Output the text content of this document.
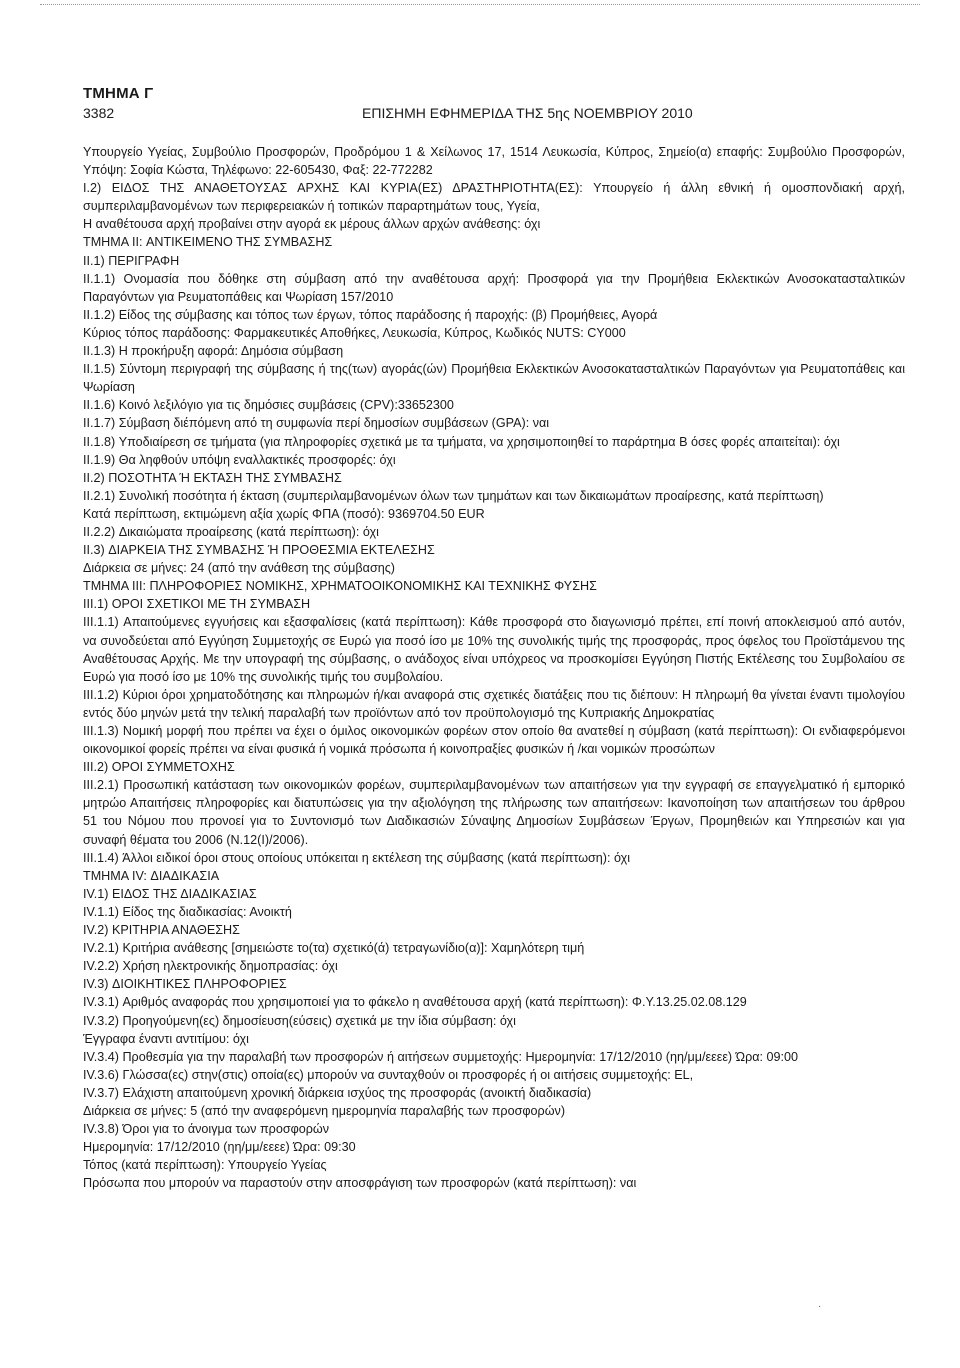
ΤΜΗΜΑ Γ
3382	ΕΠΙΣΗΜΗ ΕΦΗΜΕΡΙΔΑ ΤΗΣ 5ης ΝΟΕΜΒΡΙΟΥ 2010

Υπουργείο Υγείας, Συμβούλιο Προσφορών, Προδρόμου 1 & Χείλωνος 17, 1514 Λευκωσία, Κύπρος, Σημείο(α) επαφής: Συμβούλιο Προσφορών, Υπόψη: Σοφία Κώστα, Τηλέφωνο: 22-605430, Φαξ: 22-772282

I.2) ΕΙΔΟΣ ΤΗΣ ΑΝΑΘΕΤΟΥΣΑΣ ΑΡΧΗΣ ΚΑΙ ΚΥΡΙΑ(ΕΣ) ΔΡΑΣΤΗΡΙΟΤΗΤΑ(ΕΣ): Υπουργείο ή άλλη εθνική ή ομοσπονδιακή αρχή, συμπεριλαμβανομένων των περιφερειακών ή τοπικών παραρτημάτων τους, Υγεία,

Η αναθέτουσα αρχή προβαίνει στην αγορά εκ μέρους άλλων αρχών ανάθεσης: όχι

ΤΜΗΜΑ II: ΑΝΤΙΚΕΙΜΕΝΟ ΤΗΣ ΣΥΜΒΑΣΗΣ

II.1) ΠΕΡΙΓΡΑΦΗ

II.1.1) Ονομασία που δόθηκε στη σύμβαση από την αναθέτουσα αρχή: Προσφορά για την Προμήθεια Εκλεκτικών Ανοσοκατασταλτικών Παραγόντων για Ρευματοπάθεις και Ψωρίαση 157/2010

II.1.2) Είδος της σύμβασης και τόπος των έργων, τόπος παράδοσης ή παροχής: (β) Προμήθειες, Αγορά

Κύριος τόπος παράδοσης: Φαρμακευτικές Αποθήκες, Λευκωσία, Κύπρος, Κωδικός NUTS: CY000

II.1.3) Η προκήρυξη αφορά: Δημόσια σύμβαση

II.1.5) Σύντομη περιγραφή της σύμβασης ή της(των) αγοράς(ών) Προμήθεια Εκλεκτικών Ανοσοκατασταλτικών Παραγόντων για Ρευματοπάθεις και Ψωρίαση

II.1.6) Κοινό λεξιλόγιο για τις δημόσιες συμβάσεις (CPV):33652300

II.1.7) Σύμβαση διέπόμενη από τη συμφωνία περί δημοσίων συμβάσεων (GPA): ναι

II.1.8) Υποδιαίρεση σε τμήματα (για πληροφορίες σχετικά με τα τμήματα, να χρησιμοποιηθεί το παράρτημα Β όσες φορές απαιτείται): όχι

II.1.9) Θα ληφθούν υπόψη εναλλακτικές προσφορές: όχι

II.2) ΠΟΣΟΤΗΤΑ Ή ΕΚΤΑΣΗ ΤΗΣ ΣΥΜΒΑΣΗΣ

II.2.1) Συνολική ποσότητα ή έκταση (συμπεριλαμβανομένων όλων των τμημάτων και των δικαιωμάτων προαίρεσης, κατά περίπτωση)

Κατά περίπτωση, εκτιμώμενη αξία χωρίς ΦΠΑ (ποσό): 9369704.50 EUR

II.2.2) Δικαιώματα προαίρεσης (κατά περίπτωση): όχι

II.3) ΔΙΑΡΚΕΙΑ ΤΗΣ ΣΥΜΒΑΣΗΣ Ή ΠΡΟΘΕΣΜΙΑ ΕΚΤΕΛΕΣΗΣ

Διάρκεια σε μήνες: 24 (από την ανάθεση της σύμβασης)

ΤΜΗΜΑ III: ΠΛΗΡΟΦΟΡΙΕΣ ΝΟΜΙΚΗΣ, ΧΡΗΜΑΤΟΟΙΚΟΝΟΜΙΚΗΣ ΚΑΙ ΤΕΧΝΙΚΗΣ ΦΥΣΗΣ

III.1) ΟΡΟΙ ΣΧΕΤΙΚΟΙ ΜΕ ΤΗ ΣΥΜΒΑΣΗ

III.1.1) Απαιτούμενες εγγυήσεις και εξασφαλίσεις (κατά περίπτωση): Κάθε προσφορά στο διαγωνισμό πρέπει, επί ποινή αποκλεισμού από αυτόν, να συνοδεύεται από Εγγύηση Συμμετοχής σε Ευρώ για ποσό ίσο με 10% της συνολικής τιμής της προσφοράς, προς όφελος του Προϊστάμενου της Αναθέτουσας Αρχής. Με την υπογραφή της σύμβασης, ο ανάδοχος είναι υπόχρεος να προσκομίσει Εγγύηση Πιστής Εκτέλεσης του Συμβολαίου σε Ευρώ για ποσό ίσο με 10% της συνολικής τιμής του συμβολαίου.

III.1.2) Κύριοι όροι χρηματοδότησης και πληρωμών ή/και αναφορά στις σχετικές διατάξεις που τις διέπουν: Η πληρωμή θα γίνεται έναντι τιμολογίου εντός δύο μηνών μετά την τελική παραλαβή των προϊόντων από τον προϋπολογισμό της Κυπριακής Δημοκρατίας

III.1.3) Νομική μορφή που πρέπει να έχει ο όμιλος οικονομικών φορέων στον οποίο θα ανατεθεί η σύμβαση (κατά περίπτωση): Οι ενδιαφερόμενοι οικονομικοί φορείς πρέπει να είναι φυσικά ή νομικά πρόσωπα ή κοινοπραξίες φυσικών ή /και νομικών προσώπων

III.2) ΟΡΟΙ ΣΥΜΜΕΤΟΧΗΣ

III.2.1) Προσωπική κατάσταση των οικονομικών φορέων, συμπεριλαμβανομένων των απαιτήσεων για την εγγραφή σε επαγγελματικό ή εμπορικό μητρώο Απαιτήσεις πληροφορίες και διατυπώσεις για την αξιολόγηση της πλήρωσης των απαιτήσεων: Ικανοποίηση των απαιτήσεων του άρθρου 51 του Νόμου που προνοεί για το Συντονισμό των Διαδικασιών Σύναψης Δημοσίων Συμβάσεων Έργων, Προμηθειών και Υπηρεσιών και για συναφή θέματα του 2006 (Ν.12(I)/2006).

III.1.4) Άλλοι ειδικοί όροι στους οποίους υπόκειται η εκτέλεση της σύμβασης (κατά περίπτωση): όχι

ΤΜΗΜΑ IV: ΔΙΑΔΙΚΑΣΙΑ

IV.1) ΕΙΔΟΣ ΤΗΣ ΔΙΑΔΙΚΑΣΙΑΣ

IV.1.1) Είδος της διαδικασίας: Ανοικτή

IV.2) ΚΡΙΤΗΡΙΑ ΑΝΑΘΕΣΗΣ

IV.2.1) Κριτήρια ανάθεσης [σημειώστε το(τα) σχετικό(ά) τετραγωνίδιο(α)]: Χαμηλότερη τιμή

IV.2.2) Χρήση ηλεκτρονικής δημοπρασίας: όχι

IV.3) ΔΙΟΙΚΗΤΙΚΕΣ ΠΛΗΡΟΦΟΡΙΕΣ

IV.3.1) Αριθμός αναφοράς που χρησιμοποιεί για το φάκελο η αναθέτουσα αρχή (κατά περίπτωση): Φ.Υ.13.25.02.08.129

IV.3.2) Προηγούμενη(ες) δημοσίευση(εύσεις) σχετικά με την ίδια σύμβαση: όχι

Έγγραφα έναντι αντιτίμου: όχι

IV.3.4) Προθεσμία για την παραλαβή των προσφορών ή αιτήσεων συμμετοχής: Ημερομηνία: 17/12/2010 (ηη/μμ/εεεε) Ώρα: 09:00

IV.3.6) Γλώσσα(ες) στην(στις) οποία(ες) μπορούν να συνταχθούν οι προσφορές ή οι αιτήσεις συμμετοχής: EL,

IV.3.7) Ελάχιστη απαιτούμενη χρονική διάρκεια ισχύος της προσφοράς (ανοικτή διαδικασία)

Διάρκεια σε μήνες: 5 (από την αναφερόμενη ημερομηνία παραλαβής των προσφορών)

IV.3.8) Όροι για το άνοιγμα των προσφορών

Ημερομηνία: 17/12/2010 (ηη/μμ/εεεε) Ώρα: 09:30

Τόπος (κατά περίπτωση): Υπουργείο Υγείας

Πρόσωπα που μπορούν να παραστούν στην αποσφράγιση των προσφορών (κατά περίπτωση): ναι

·
